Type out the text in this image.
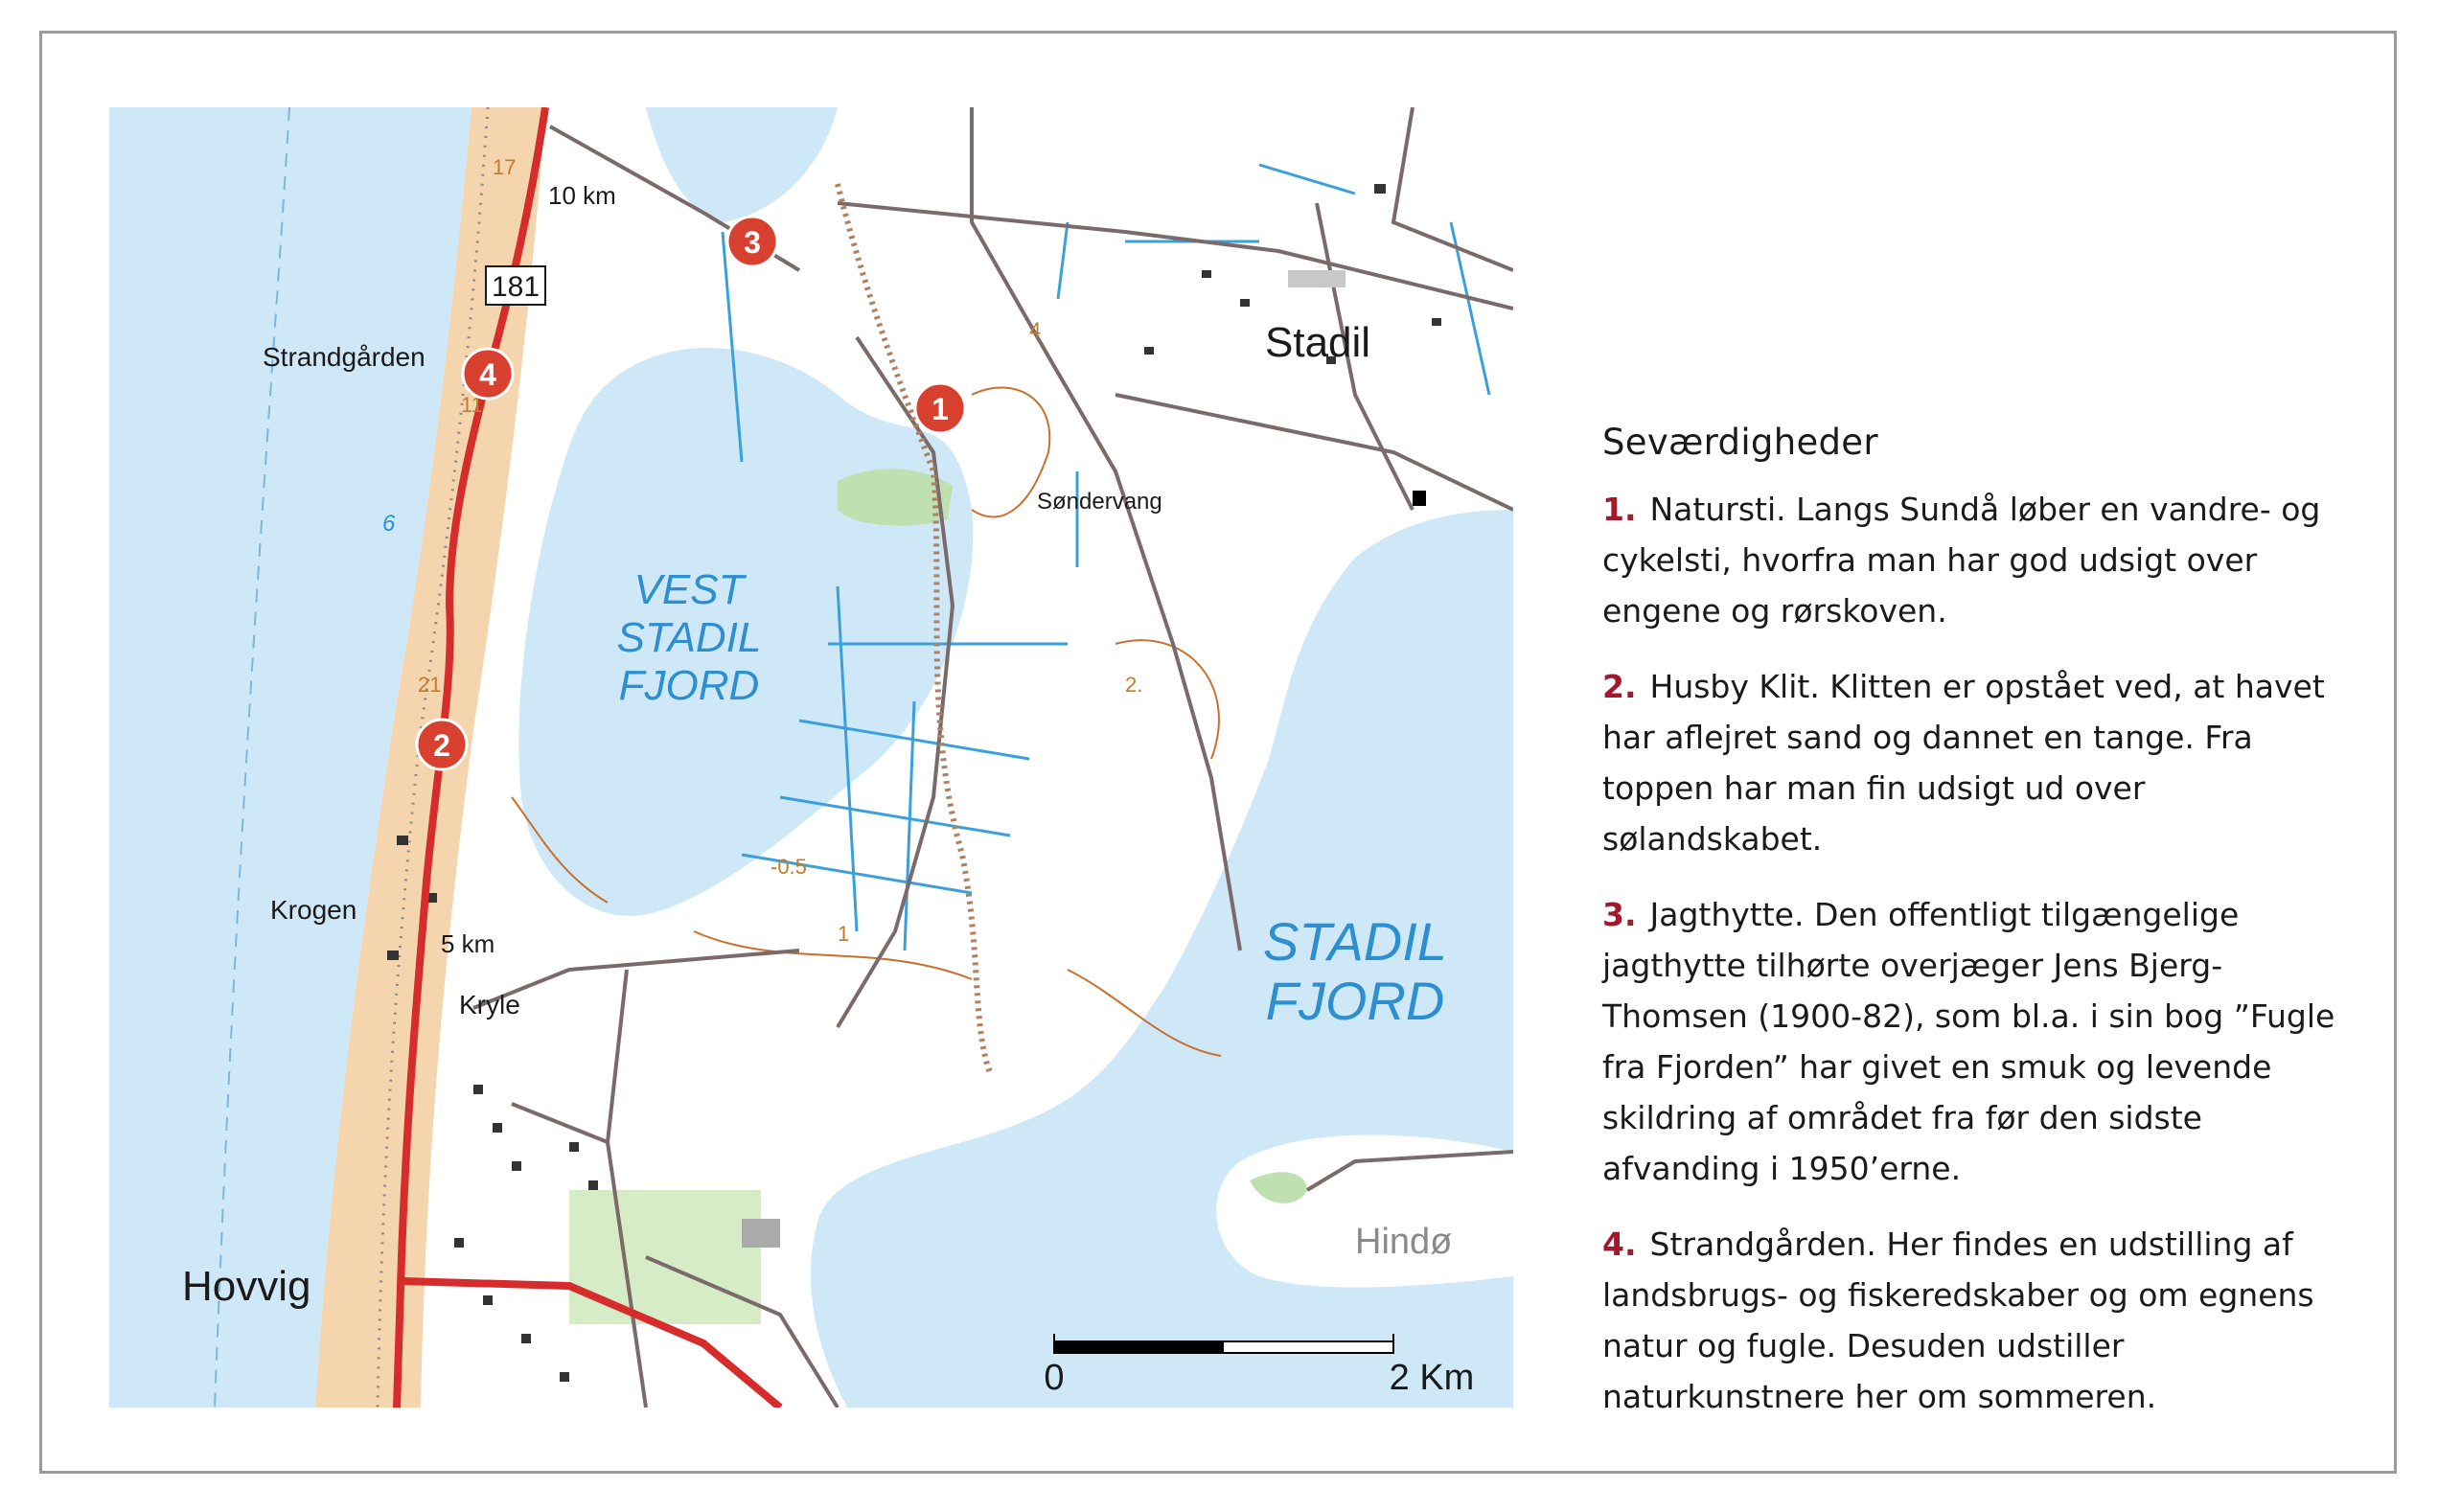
181
10 km
5 km
17
11
21
4
2.
-0.5
1
6
Stadil
Hovvig
Strandgården
Krogen
Kryle
Søndervang
Hindø
VEST
STADIL
FJORD
STADIL
FJORD
1
2
3
4
0	2 Km
Seværdigheder

1. Natursti. Langs Sundå løber en vandre- og cykelsti, hvorfra man har god udsigt over engene og rørskoven.

2. Husby Klit. Klitten er opstået ved, at havet har aflejret sand og dannet en tange. Fra toppen har man fin udsigt ud over sølandskabet.

3. Jagthytte. Den offentligt tilgængelige jagthytte tilhørte overjæger Jens Bjerg-Thomsen (1900-82), som bl.a. i sin bog ”Fugle fra Fjorden” har givet en smuk og levende skildring af området fra før den sidste afvanding i 1950’erne.

4. Strandgården. Her findes en udstilling af landsbrugs- og fiskeredskaber og om egnens natur og fugle. Desuden udstiller naturkunstnere her om sommeren.
